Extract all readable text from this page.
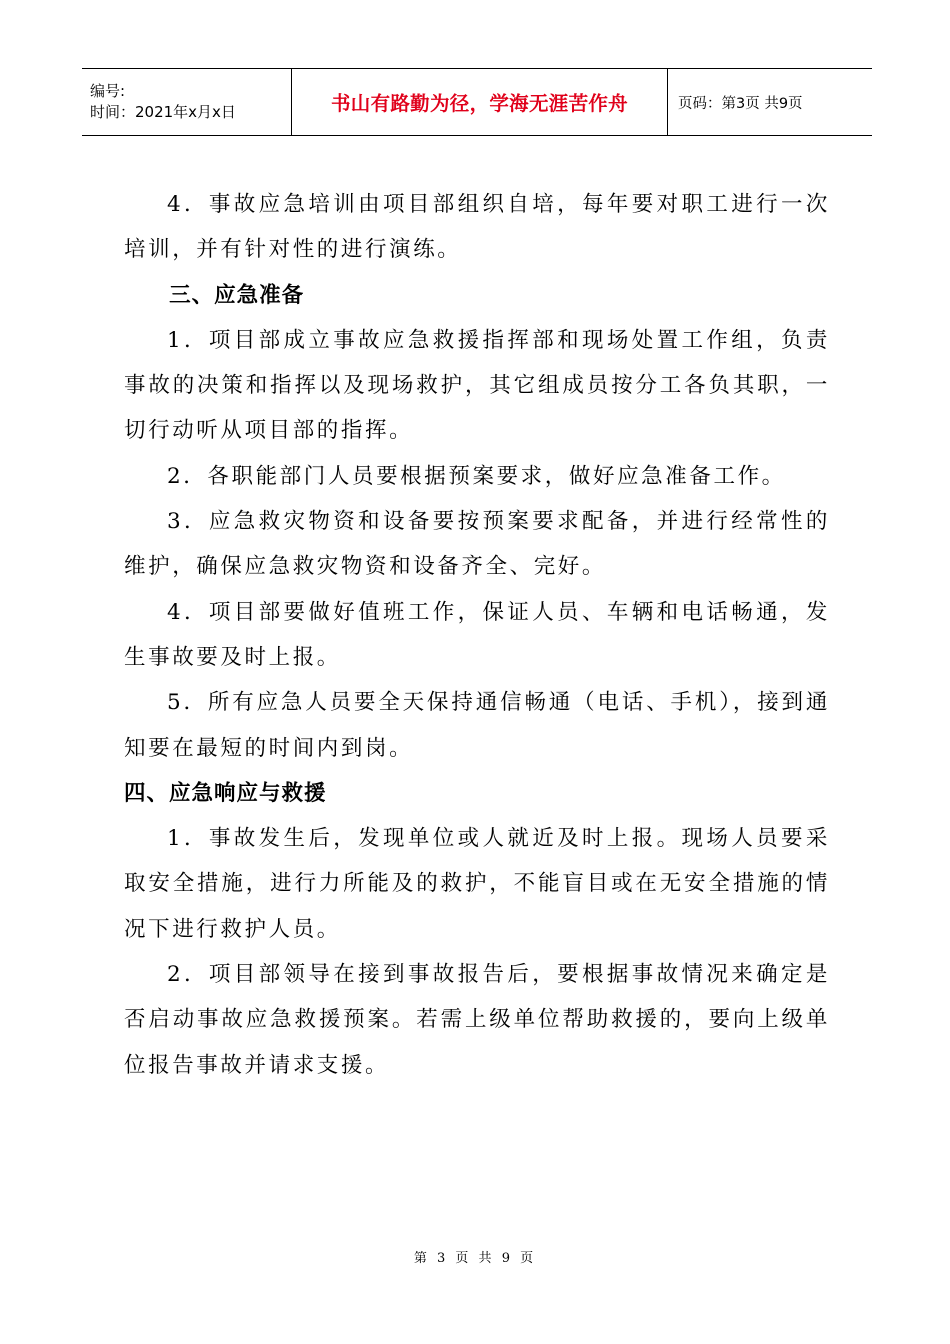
编号:
时间：2021年x月x日	书山有路勤为径，学海无涯苦作舟	页码：第3页 共9页

4．事故应急培训由项目部组织自培，每年要对职工进行一次培训，并有针对性的进行演练。

三、应急准备

1．项目部成立事故应急救援指挥部和现场处置工作组，负责事故的决策和指挥以及现场救护，其它组成员按分工各负其职，一切行动听从项目部的指挥。

2．各职能部门人员要根据预案要求，做好应急准备工作。

3．应急救灾物资和设备要按预案要求配备，并进行经常性的维护，确保应急救灾物资和设备齐全、完好。

4．项目部要做好值班工作，保证人员、车辆和电话畅通，发生事故要及时上报。

5．所有应急人员要全天保持通信畅通（电话、手机），接到通知要在最短的时间内到岗。

四、应急响应与救援

1．事故发生后，发现单位或人就近及时上报。现场人员要采取安全措施，进行力所能及的救护，不能盲目或在无安全措施的情况下进行救护人员。

2．项目部领导在接到事故报告后，要根据事故情况来确定是否启动事故应急救援预案。若需上级单位帮助救援的，要向上级单位报告事故并请求支援。

第 3 页 共 9 页
